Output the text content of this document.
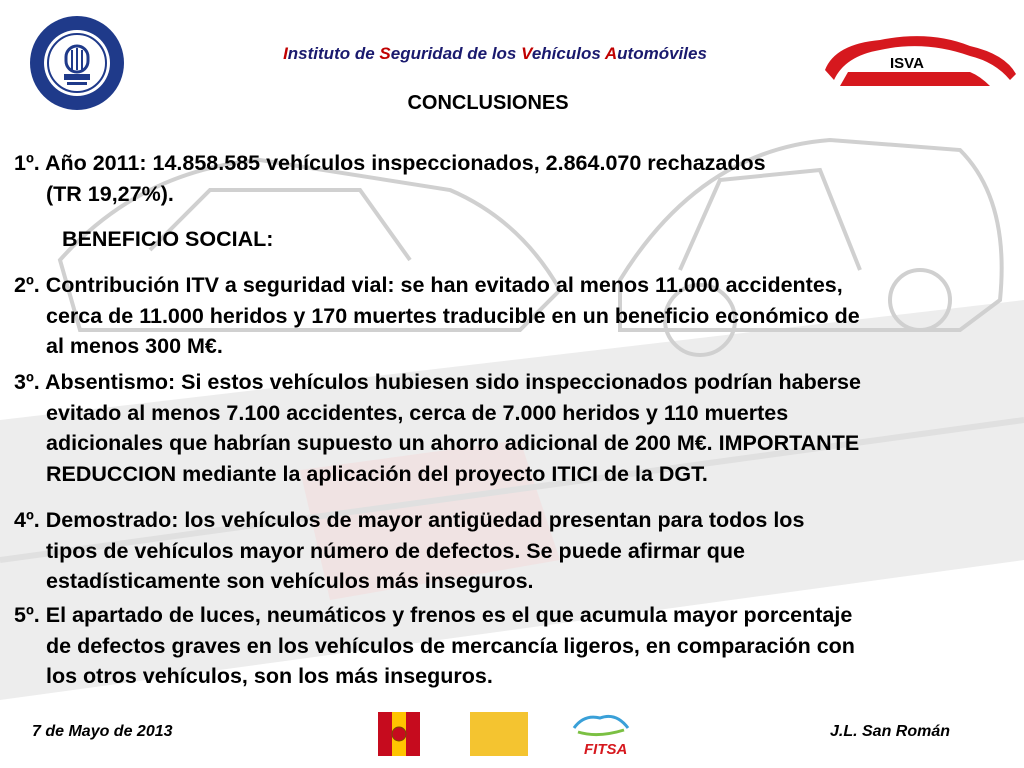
ISVA
Instituto de Seguridad de los Vehículos Automóviles
CONCLUSIONES
1º. Año 2011: 14.858.585 vehículos inspeccionados, 2.864.070 rechazados
(TR 19,27%).
BENEFICIO SOCIAL:
2º. Contribución ITV a seguridad vial: se han evitado al menos 11.000 accidentes,
cerca de 11.000 heridos y 170 muertes traducible en un beneficio económico de
al menos 300 M€.
3º. Absentismo: Si estos vehículos hubiesen sido inspeccionados podrían haberse
evitado al menos 7.100 accidentes, cerca de 7.000 heridos y 110 muertes
adicionales que habrían supuesto un ahorro adicional de 200 M€. IMPORTANTE
REDUCCION mediante la aplicación del proyecto ITICI de la DGT.
4º. Demostrado: los vehículos de mayor antigüedad presentan para todos los
tipos de vehículos mayor número de defectos. Se puede afirmar que
estadísticamente son vehículos más inseguros.
5º. El apartado de luces, neumáticos y frenos es el que acumula mayor porcentaje
de defectos graves en los vehículos de mercancía ligeros, en comparación con
los otros vehículos, son los más inseguros.
7 de Mayo de 2013	J.L. San Román
FITSA
